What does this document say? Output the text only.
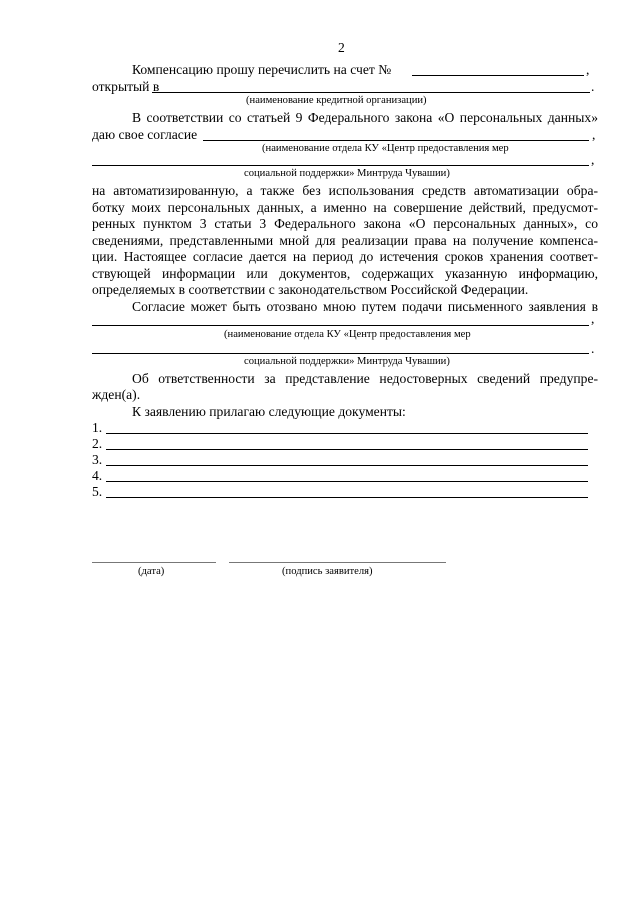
2
Компенсацию прошу перечислить на счет №	,
открытый в	.
(наименование кредитной организации)
В соответствии со статьей 9 Федерального закона «О персональных данных»
даю свое согласие	,
(наименование отдела КУ «Центр предоставления мер
,
социальной поддержки» Минтруда Чувашии)
на автоматизированную, а также без использования средств автоматизации обра-
ботку моих персональных данных, а именно на совершение действий, предусмот-
ренных пунктом 3 статьи 3 Федерального закона «О персональных данных», со
сведениями, представленными мной для реализации права на получение компенса-
ции. Настоящее согласие дается на период до истечения сроков хранения соответ-
ствующей информации или документов, содержащих указанную информацию,
определяемых в соответствии с законодательством Российской Федерации.
Согласие может быть отозвано мною путем подачи письменного заявления в
,
(наименование отдела КУ «Центр предоставления мер
.
социальной поддержки» Минтруда Чувашии)
Об ответственности за представление недостоверных сведений предупре-
жден(а).
К заявлению прилагаю следующие документы:
1.
2.
3.
4.
5.
(дата)	(подпись заявителя)
